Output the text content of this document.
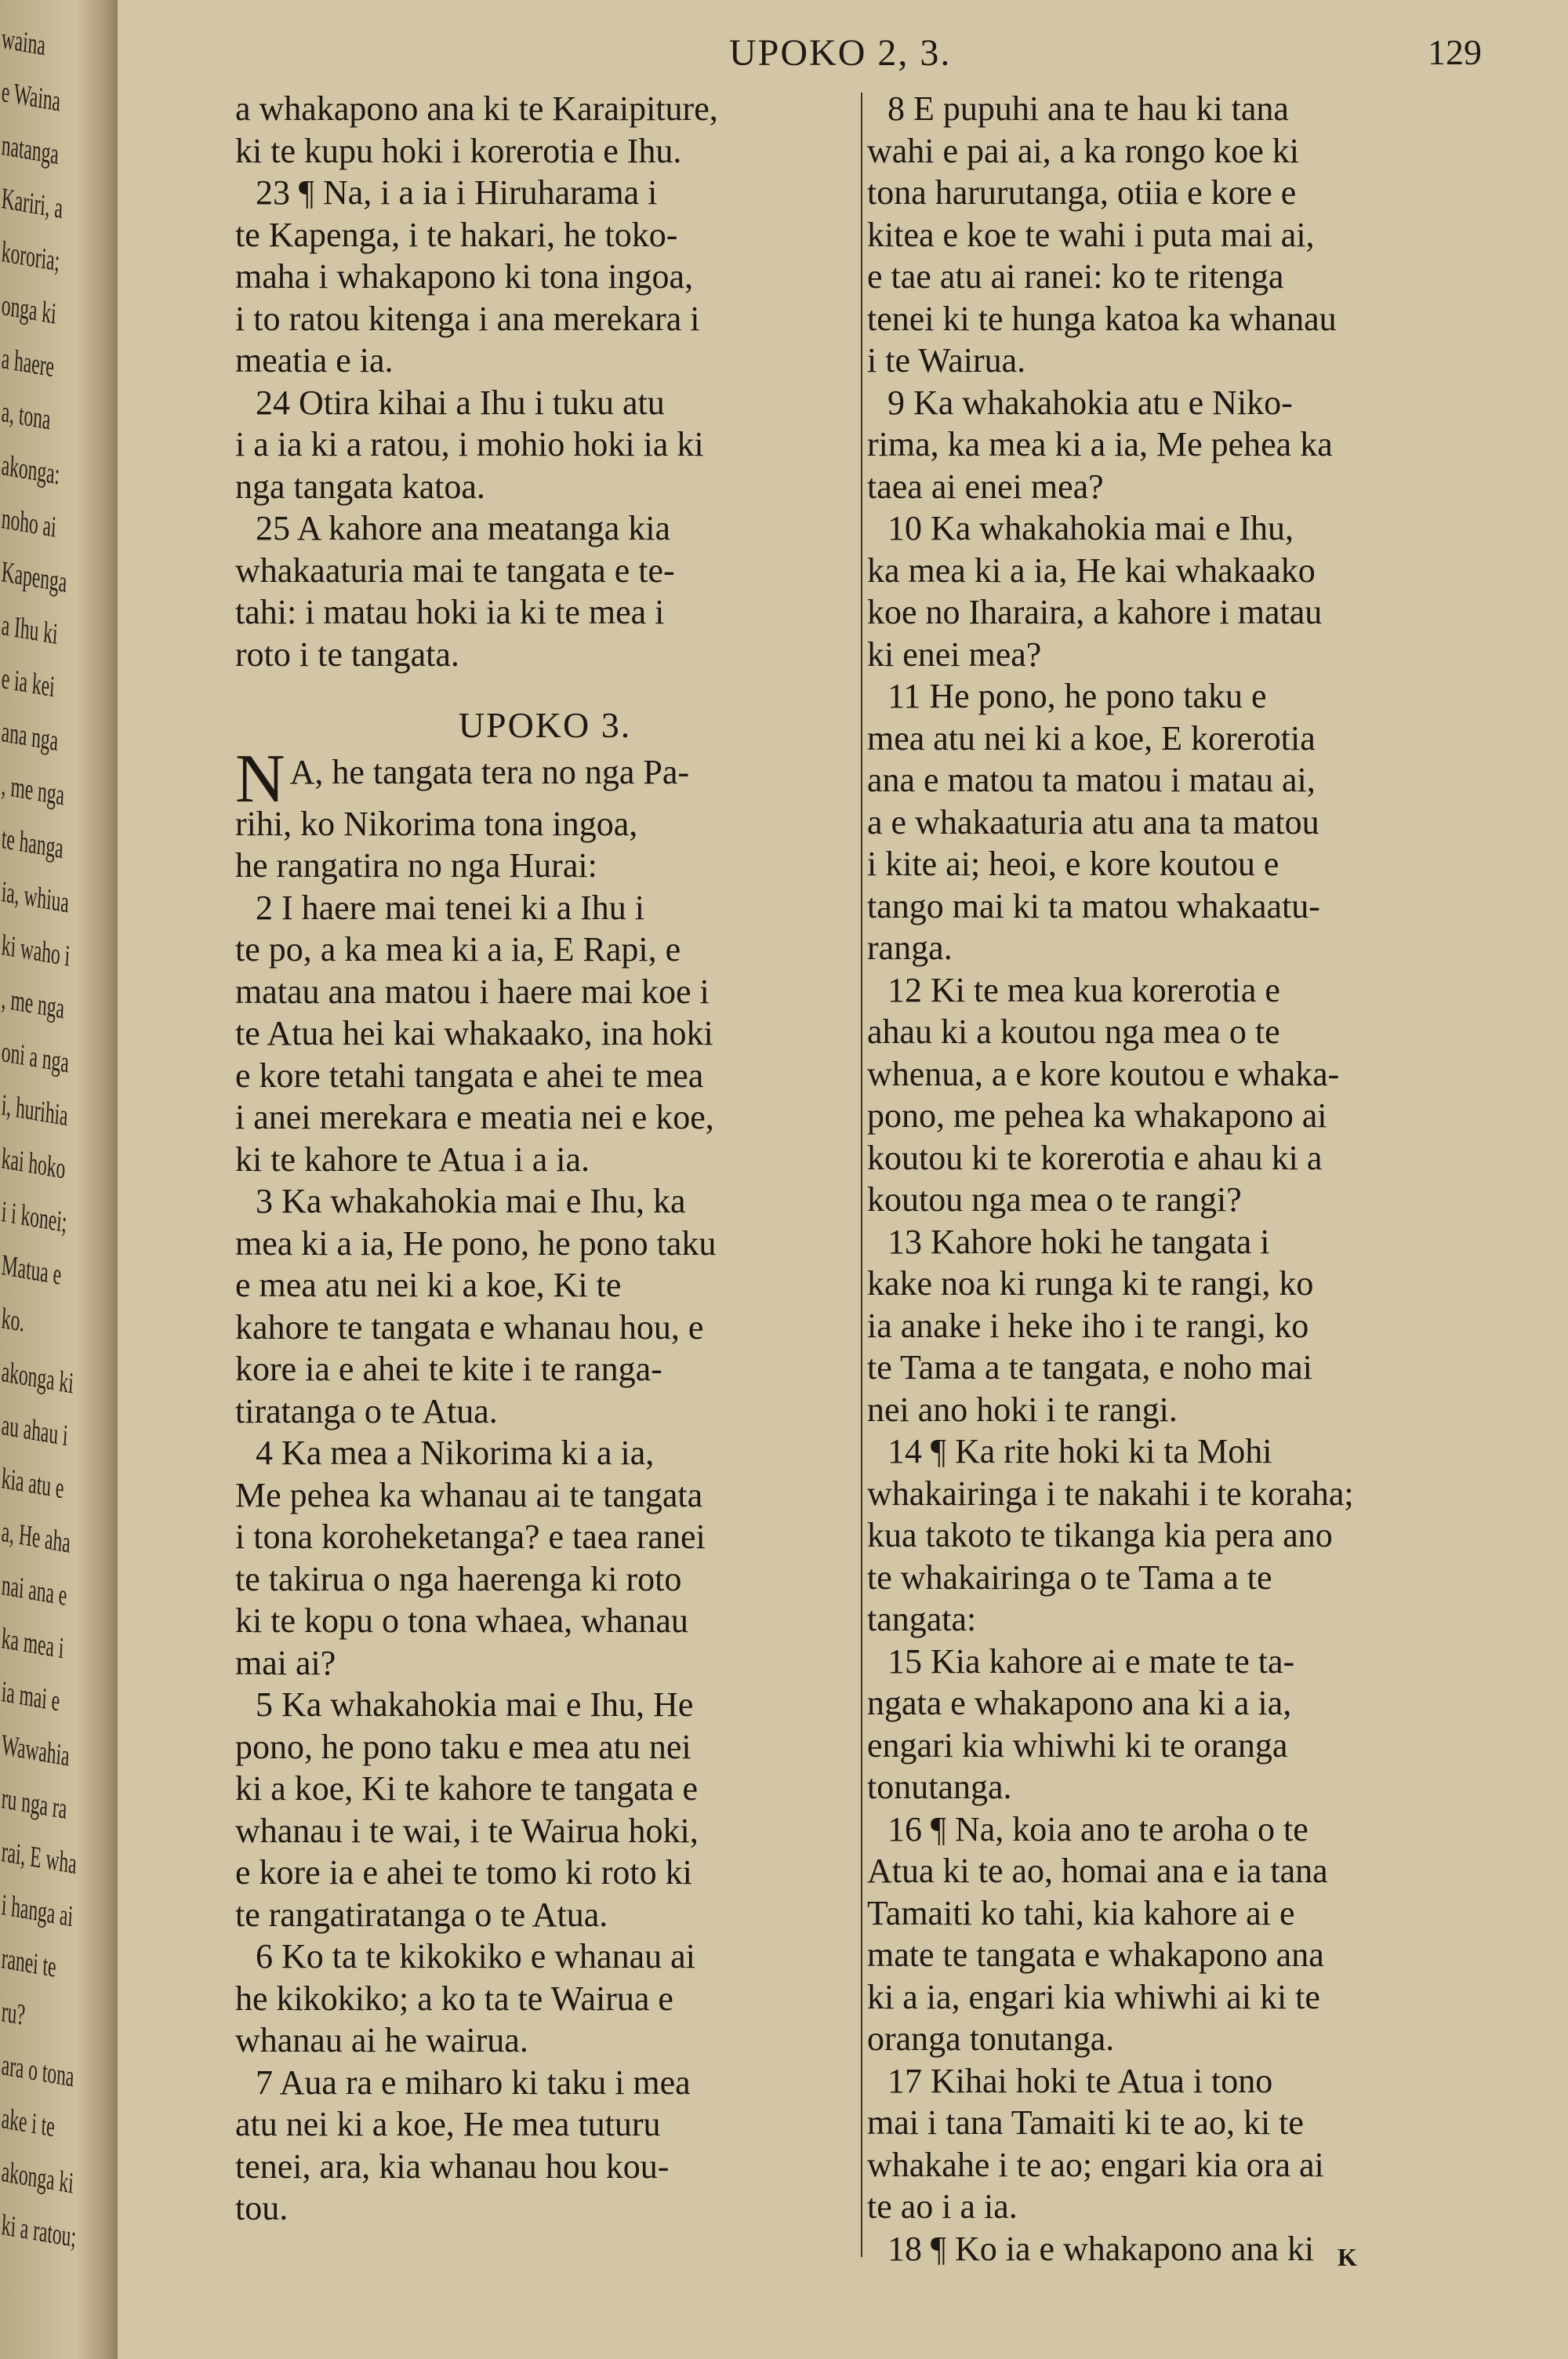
waina
e Waina
natanga
Kariri, a
kororia;
onga ki
a haere
a, tona
akonga:
noho ai
Kapenga
a Ihu ki
e ia kei
ana nga
, me nga
te hanga
ia, whiua
ki waho i
, me nga
oni a nga
i, hurihia
kai hoko
i i konei;
Matua e
ko.
akonga ki
au ahau i
kia atu e
a, He aha
nai ana e
ka mea i
ia mai e
Wawahia
ru nga ra
rai, E wha
i hanga ai
ranei te
ru?
ara o tona
ake i te
akonga ki
ki a ratou;
UPOKO 2, 3.	129
a whakapono ana ki te Karaipiture,
ki te kupu hoki i korerotia e Ihu.
23 ¶ Na, i a ia i Hiruharama i
te Kapenga, i te hakari, he toko-
maha i whakapono ki tona ingoa,
i to ratou kitenga i ana merekara i
meatia e ia.
24 Otira kihai a Ihu i tuku atu
i a ia ki a ratou, i mohio hoki ia ki
nga tangata katoa.
25 A kahore ana meatanga kia
whakaaturia mai te tangata e te-
tahi: i matau hoki ia ki te mea i
roto i te tangata.
UPOKO 3.
N A, he tangata tera no nga Pa-
rihi, ko Nikorima tona ingoa,
he rangatira no nga Hurai:
2 I haere mai tenei ki a Ihu i
te po, a ka mea ki a ia, E Rapi, e
matau ana matou i haere mai koe i
te Atua hei kai whakaako, ina hoki
e kore tetahi tangata e ahei te mea
i anei merekara e meatia nei e koe,
ki te kahore te Atua i a ia.
3 Ka whakahokia mai e Ihu, ka
mea ki a ia, He pono, he pono taku
e mea atu nei ki a koe, Ki te
kahore te tangata e whanau hou, e
kore ia e ahei te kite i te ranga-
tiratanga o te Atua.
4 Ka mea a Nikorima ki a ia,
Me pehea ka whanau ai te tangata
i tona koroheketanga? e taea ranei
te takirua o nga haerenga ki roto
ki te kopu o tona whaea, whanau
mai ai?
5 Ka whakahokia mai e Ihu, He
pono, he pono taku e mea atu nei
ki a koe, Ki te kahore te tangata e
whanau i te wai, i te Wairua hoki,
e kore ia e ahei te tomo ki roto ki
te rangatiratanga o te Atua.
6 Ko ta te kikokiko e whanau ai
he kikokiko; a ko ta te Wairua e
whanau ai he wairua.
7 Aua ra e miharo ki taku i mea
atu nei ki a koe, He mea tuturu
tenei, ara, kia whanau hou kou-
tou.
8 E pupuhi ana te hau ki tana
wahi e pai ai, a ka rongo koe ki
tona harurutanga, otiia e kore e
kitea e koe te wahi i puta mai ai,
e tae atu ai ranei: ko te ritenga
tenei ki te hunga katoa ka whanau
i te Wairua.
9 Ka whakahokia atu e Niko-
rima, ka mea ki a ia, Me pehea ka
taea ai enei mea?
10 Ka whakahokia mai e Ihu,
ka mea ki a ia, He kai whakaako
koe no Iharaira, a kahore i matau
ki enei mea?
11 He pono, he pono taku e
mea atu nei ki a koe, E korerotia
ana e matou ta matou i matau ai,
a e whakaaturia atu ana ta matou
i kite ai; heoi, e kore koutou e
tango mai ki ta matou whakaatu-
ranga.
12 Ki te mea kua korerotia e
ahau ki a koutou nga mea o te
whenua, a e kore koutou e whaka-
pono, me pehea ka whakapono ai
koutou ki te korerotia e ahau ki a
koutou nga mea o te rangi?
13 Kahore hoki he tangata i
kake noa ki runga ki te rangi, ko
ia anake i heke iho i te rangi, ko
te Tama a te tangata, e noho mai
nei ano hoki i te rangi.
14 ¶ Ka rite hoki ki ta Mohi
whakairinga i te nakahi i te koraha;
kua takoto te tikanga kia pera ano
te whakairinga o te Tama a te
tangata:
15 Kia kahore ai e mate te ta-
ngata e whakapono ana ki a ia,
engari kia whiwhi ki te oranga
tonutanga.
16 ¶ Na, koia ano te aroha o te
Atua ki te ao, homai ana e ia tana
Tamaiti ko tahi, kia kahore ai e
mate te tangata e whakapono ana
ki a ia, engari kia whiwhi ai ki te
oranga tonutanga.
17 Kihai hoki te Atua i tono
mai i tana Tamaiti ki te ao, ki te
whakahe i te ao; engari kia ora ai
te ao i a ia.
18 ¶ Ko ia e whakapono ana ki K
